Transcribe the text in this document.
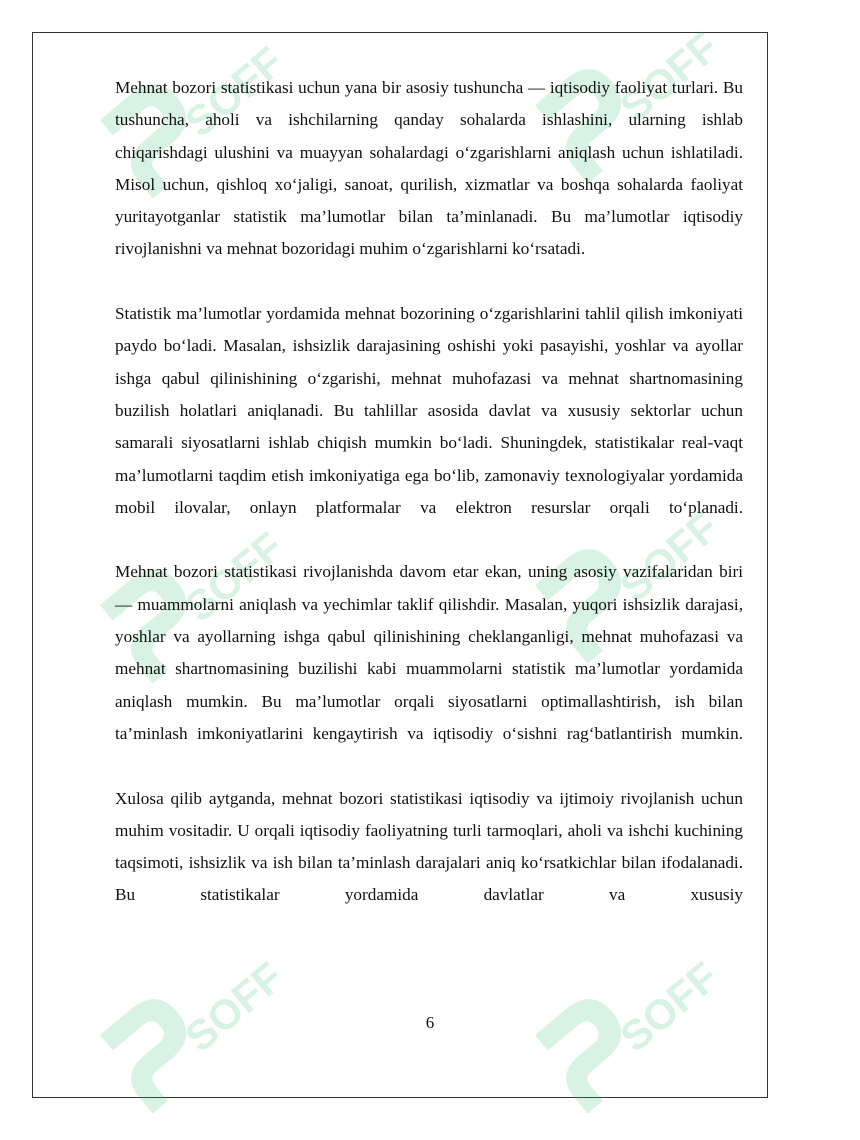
SOFF	SOFF
SOFF	SOFF
SOFF	SOFF

Mehnat bozori statistikasi uchun yana bir asosiy tushuncha — iqtisodiy faoliyat turlari. Bu tushuncha, aholi va ishchilarning qanday sohalarda ishlashini, ularning ishlab chiqarishdagi ulushini va muayyan sohalardagi o‘zgarishlarni aniqlash uchun ishlatiladi. Misol uchun, qishloq xo‘jaligi, sanoat, qurilish, xizmatlar va boshqa sohalarda faoliyat yuritayotganlar statistik ma’lumotlar bilan ta’minlanadi. Bu ma’lumotlar iqtisodiy rivojlanishni va mehnat bozoridagi muhim o‘zgarishlarni ko‘rsatadi.

Statistik ma’lumotlar yordamida mehnat bozorining o‘zgarishlarini tahlil qilish imkoniyati paydo bo‘ladi. Masalan, ishsizlik darajasining oshishi yoki pasayishi, yoshlar va ayollar ishga qabul qilinishining o‘zgarishi, mehnat muhofazasi va mehnat shartnomasining buzilish holatlari aniqlanadi. Bu tahlillar asosida davlat va xususiy sektorlar uchun samarali siyosatlarni ishlab chiqish mumkin bo‘ladi. Shuningdek, statistikalar real-vaqt ma’lumotlarni taqdim etish imkoniyatiga ega bo‘lib, zamonaviy texnologiyalar yordamida mobil ilovalar, onlayn platformalar va elektron resurslar orqali to‘planadi.

Mehnat bozori statistikasi rivojlanishda davom etar ekan, uning asosiy vazifalaridan biri — muammolarni aniqlash va yechimlar taklif qilishdir. Masalan, yuqori ishsizlik darajasi, yoshlar va ayollarning ishga qabul qilinishining cheklanganligi, mehnat muhofazasi va mehnat shartnomasining buzilishi kabi muammolarni statistik ma’lumotlar yordamida aniqlash mumkin. Bu ma’lumotlar orqali siyosatlarni optimallashtirish, ish bilan ta’minlash imkoniyatlarini kengaytirish va iqtisodiy o‘sishni rag‘batlantirish mumkin.

Xulosa qilib aytganda, mehnat bozori statistikasi iqtisodiy va ijtimoiy rivojlanish uchun muhim vositadir. U orqali iqtisodiy faoliyatning turli tarmoqlari, aholi va ishchi kuchining taqsimoti, ishsizlik va ish bilan ta’minlash darajalari aniq ko‘rsatkichlar bilan ifodalanadi. Bu statistikalar yordamida davlatlar va xususiy

6
